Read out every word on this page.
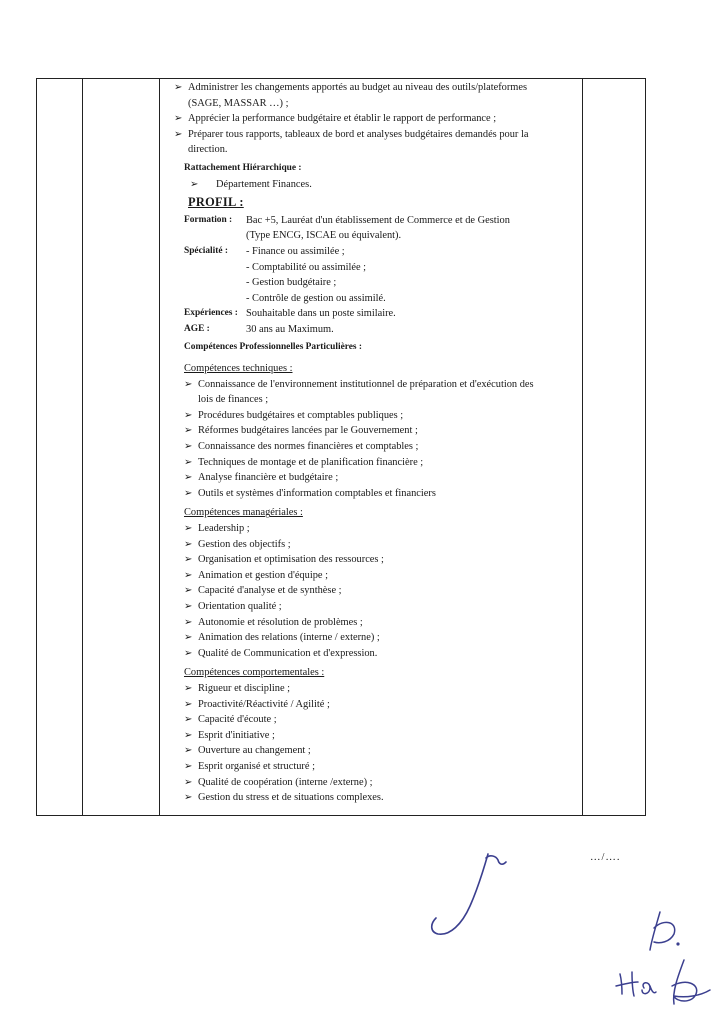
➢ Administrer les changements apportés au budget au niveau des outils/plateformes
(SAGE, MASSAR …) ;
➢ Apprécier la performance budgétaire et établir le rapport de performance ;
➢ Préparer tous rapports, tableaux de bord et analyses budgétaires demandés pour la
direction.
Rattachement Hiérarchique :
➢ Département Finances.
PROFIL :
Formation :	Bac +5, Lauréat d'un établissement de Commerce et de Gestion
(Type ENCG, ISCAE ou équivalent).
Spécialité :	- Finance ou assimilée ;
- Comptabilité ou assimilée ;
- Gestion budgétaire ;
- Contrôle de gestion ou assimilé.
Expériences : Souhaitable dans un poste similaire.
AGE :	30 ans au Maximum.
Compétences Professionnelles Particulières :
Compétences techniques :
➢ Connaissance de l'environnement institutionnel de préparation et d'exécution des
lois de finances ;
➢ Procédures budgétaires et comptables publiques ;
➢ Réformes budgétaires lancées par le Gouvernement ;
➢ Connaissance des normes financières et comptables ;
➢ Techniques de montage et de planification financière ;
➢ Analyse financière et budgétaire ;
➢ Outils et systèmes d'information comptables et financiers
Compétences managériales :
➢ Leadership ;
➢ Gestion des objectifs ;
➢ Organisation et optimisation des ressources ;
➢ Animation et gestion d'équipe ;
➢ Capacité d'analyse et de synthèse ;
➢ Orientation qualité ;
➢ Autonomie et résolution de problèmes ;
➢ Animation des relations (interne / externe) ;
➢ Qualité de Communication et d'expression.
Compétences comportementales :
➢ Rigueur et discipline ;
➢ Proactivité/Réactivité / Agilité ;
➢ Capacité d'écoute ;
➢ Esprit d'initiative ;
➢ Ouverture au changement ;
➢ Esprit organisé et structuré ;
➢ Qualité de coopération (interne /externe) ;
➢ Gestion du stress et de situations complexes.
…/….
